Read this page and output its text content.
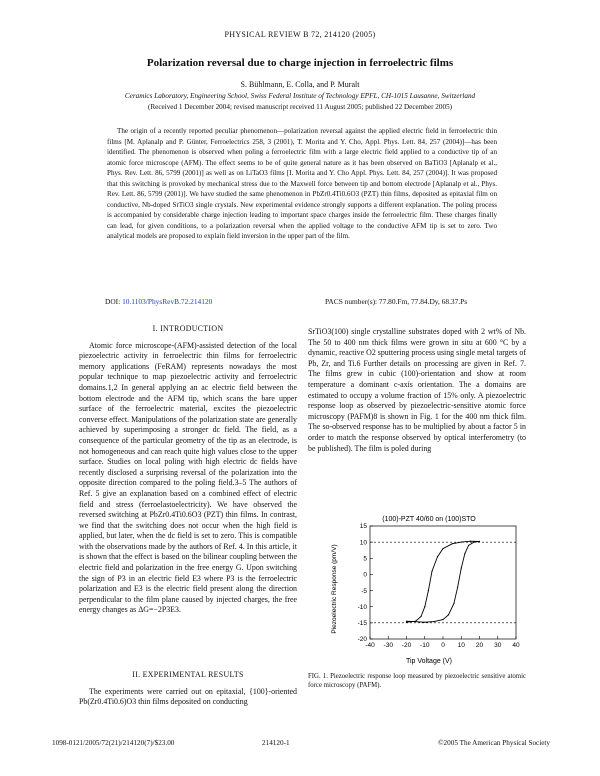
PHYSICAL REVIEW B 72, 214120 (2005)
Polarization reversal due to charge injection in ferroelectric films
S. Bühlmann, E. Colla, and P. Muralt
Ceramics Laboratory, Engineering School, Swiss Federal Institute of Technology EPFL, CH-1015 Lausanne, Switzerland
(Received 1 December 2004; revised manuscript received 11 August 2005; published 22 December 2005)
The origin of a recently reported peculiar phenomenon—polarization reversal against the applied electric field in ferroelectric thin films [M. Aplanalp and P. Günter, Ferroelectrics 258, 3 (2001), T. Morita and Y. Cho, Appl. Phys. Lett. 84, 257 (2004)]—has been identified. The phenomenon is observed when poling a ferroelectric film with a large electric field applied to a conductive tip of an atomic force microscope (AFM). The effect seems to be of quite general nature as it has been observed on BaTiO3 [Aplanalp et al., Phys. Rev. Lett. 86, 5799 (2001)] as well as on LiTaO3 films [I. Morita and Y. Cho Appl. Phys. Lett. 84, 257 (2004)]. It was proposed that this switching is provoked by mechanical stress due to the Maxwell force between tip and bottom electrode [Aplanalp et al., Phys. Rev. Lett. 86, 5799 (2001)]. We have studied the same phenomenon in PbZr0.4Ti0.6O3 (PZT) thin films, deposited as epitaxial film on conductive, Nb-doped SrTiO3 single crystals. New experimental evidence strongly supports a different explanation. The poling process is accompanied by considerable charge injection leading to important space charges inside the ferroelectric film. These charges finally can lead, for given conditions, to a polarization reversal when the applied voltage to the conductive AFM tip is set to zero. Two analytical models are proposed to explain field inversion in the upper part of the film.
DOI: 10.1103/PhysRevB.72.214120	PACS number(s): 77.80.Fm, 77.84.Dy, 68.37.Ps
I. INTRODUCTION

Atomic force microscope-(AFM)-assisted detection of the local piezoelectric activity in ferroelectric thin films for ferroelectric memory applications (FeRAM) represents nowadays the most popular technique to map piezoelectric activity and ferroelectric domains.1,2 In general applying an ac electric field between the bottom electrode and the AFM tip, which scans the bare upper surface of the ferroelectric material, excites the piezoelectric converse effect. Manipulations of the polarization state are generally achieved by superimposing a stronger dc field. The field, as a consequence of the particular geometry of the tip as an electrode, is not homogeneous and can reach quite high values close to the upper surface. Studies on local poling with high electric dc fields have recently disclosed a surprising reversal of the polarization into the opposite direction compared to the poling field.3–5 The authors of Ref. 5 give an explanation based on a combined effect of electric field and stress (ferroelastoelectricity). We have observed the reversed switching at PbZr0.4Ti0.6O3 (PZT) thin films. In contrast, we find that the switching does not occur when the high field is applied, but later, when the dc field is set to zero. This is compatible with the observations made by the authors of Ref. 4. In this article, it is shown that the effect is based on the bilinear coupling between the electric field and polarization in the free energy G. Upon switching the sign of P3 in an electric field E3 where P3 is the ferroelectric polarization and E3 is the electric field present along the direction perpendicular to the film plane caused by injected charges, the free energy changes as ΔG=−2P3E3.

II. EXPERIMENTAL RESULTS

The experiments were carried out on epitaxial, {100}-oriented Pb(Zr0.4Ti0.6)O3 thin films deposited on conducting

SrTiO3(100) single crystalline substrates doped with 2 wt% of Nb. The 50 to 400 nm thick films were grown in situ at 600 °C by a dynamic, reactive O2 sputtering process using single metal targets of Pb, Zr, and Ti.6 Further details on processing are given in Ref. 7. The films grew in cubic (100)-orientation and show at room temperature a dominant c-axis orientation. The a domains are estimated to occupy a volume fraction of 15% only. A piezoelectric response loop as observed by piezoelectric-sensitive atomic force microscopy (PAFM)8 is shown in Fig. 1 for the 400 nm thick film. The so-observed response has to be multiplied by about a factor 5 in order to match the response observed by optical interferometry (to be published). The film is poled during

(100)-PZT 40/60 on (100)STO
-40 -30 -20 -10 0 10 20 30 40
-20
-15
-10
-5
0
5
10
15
Tip Voltage (V)
Piezoelectric Response (pm/V)
FIG. 1. Piezoelectric response loop measured by piezoelectric sensitive atomic force microscopy (PAFM).
1098-0121/2005/72(21)/214120(7)/$23.00	214120-1	©2005 The American Physical Society
